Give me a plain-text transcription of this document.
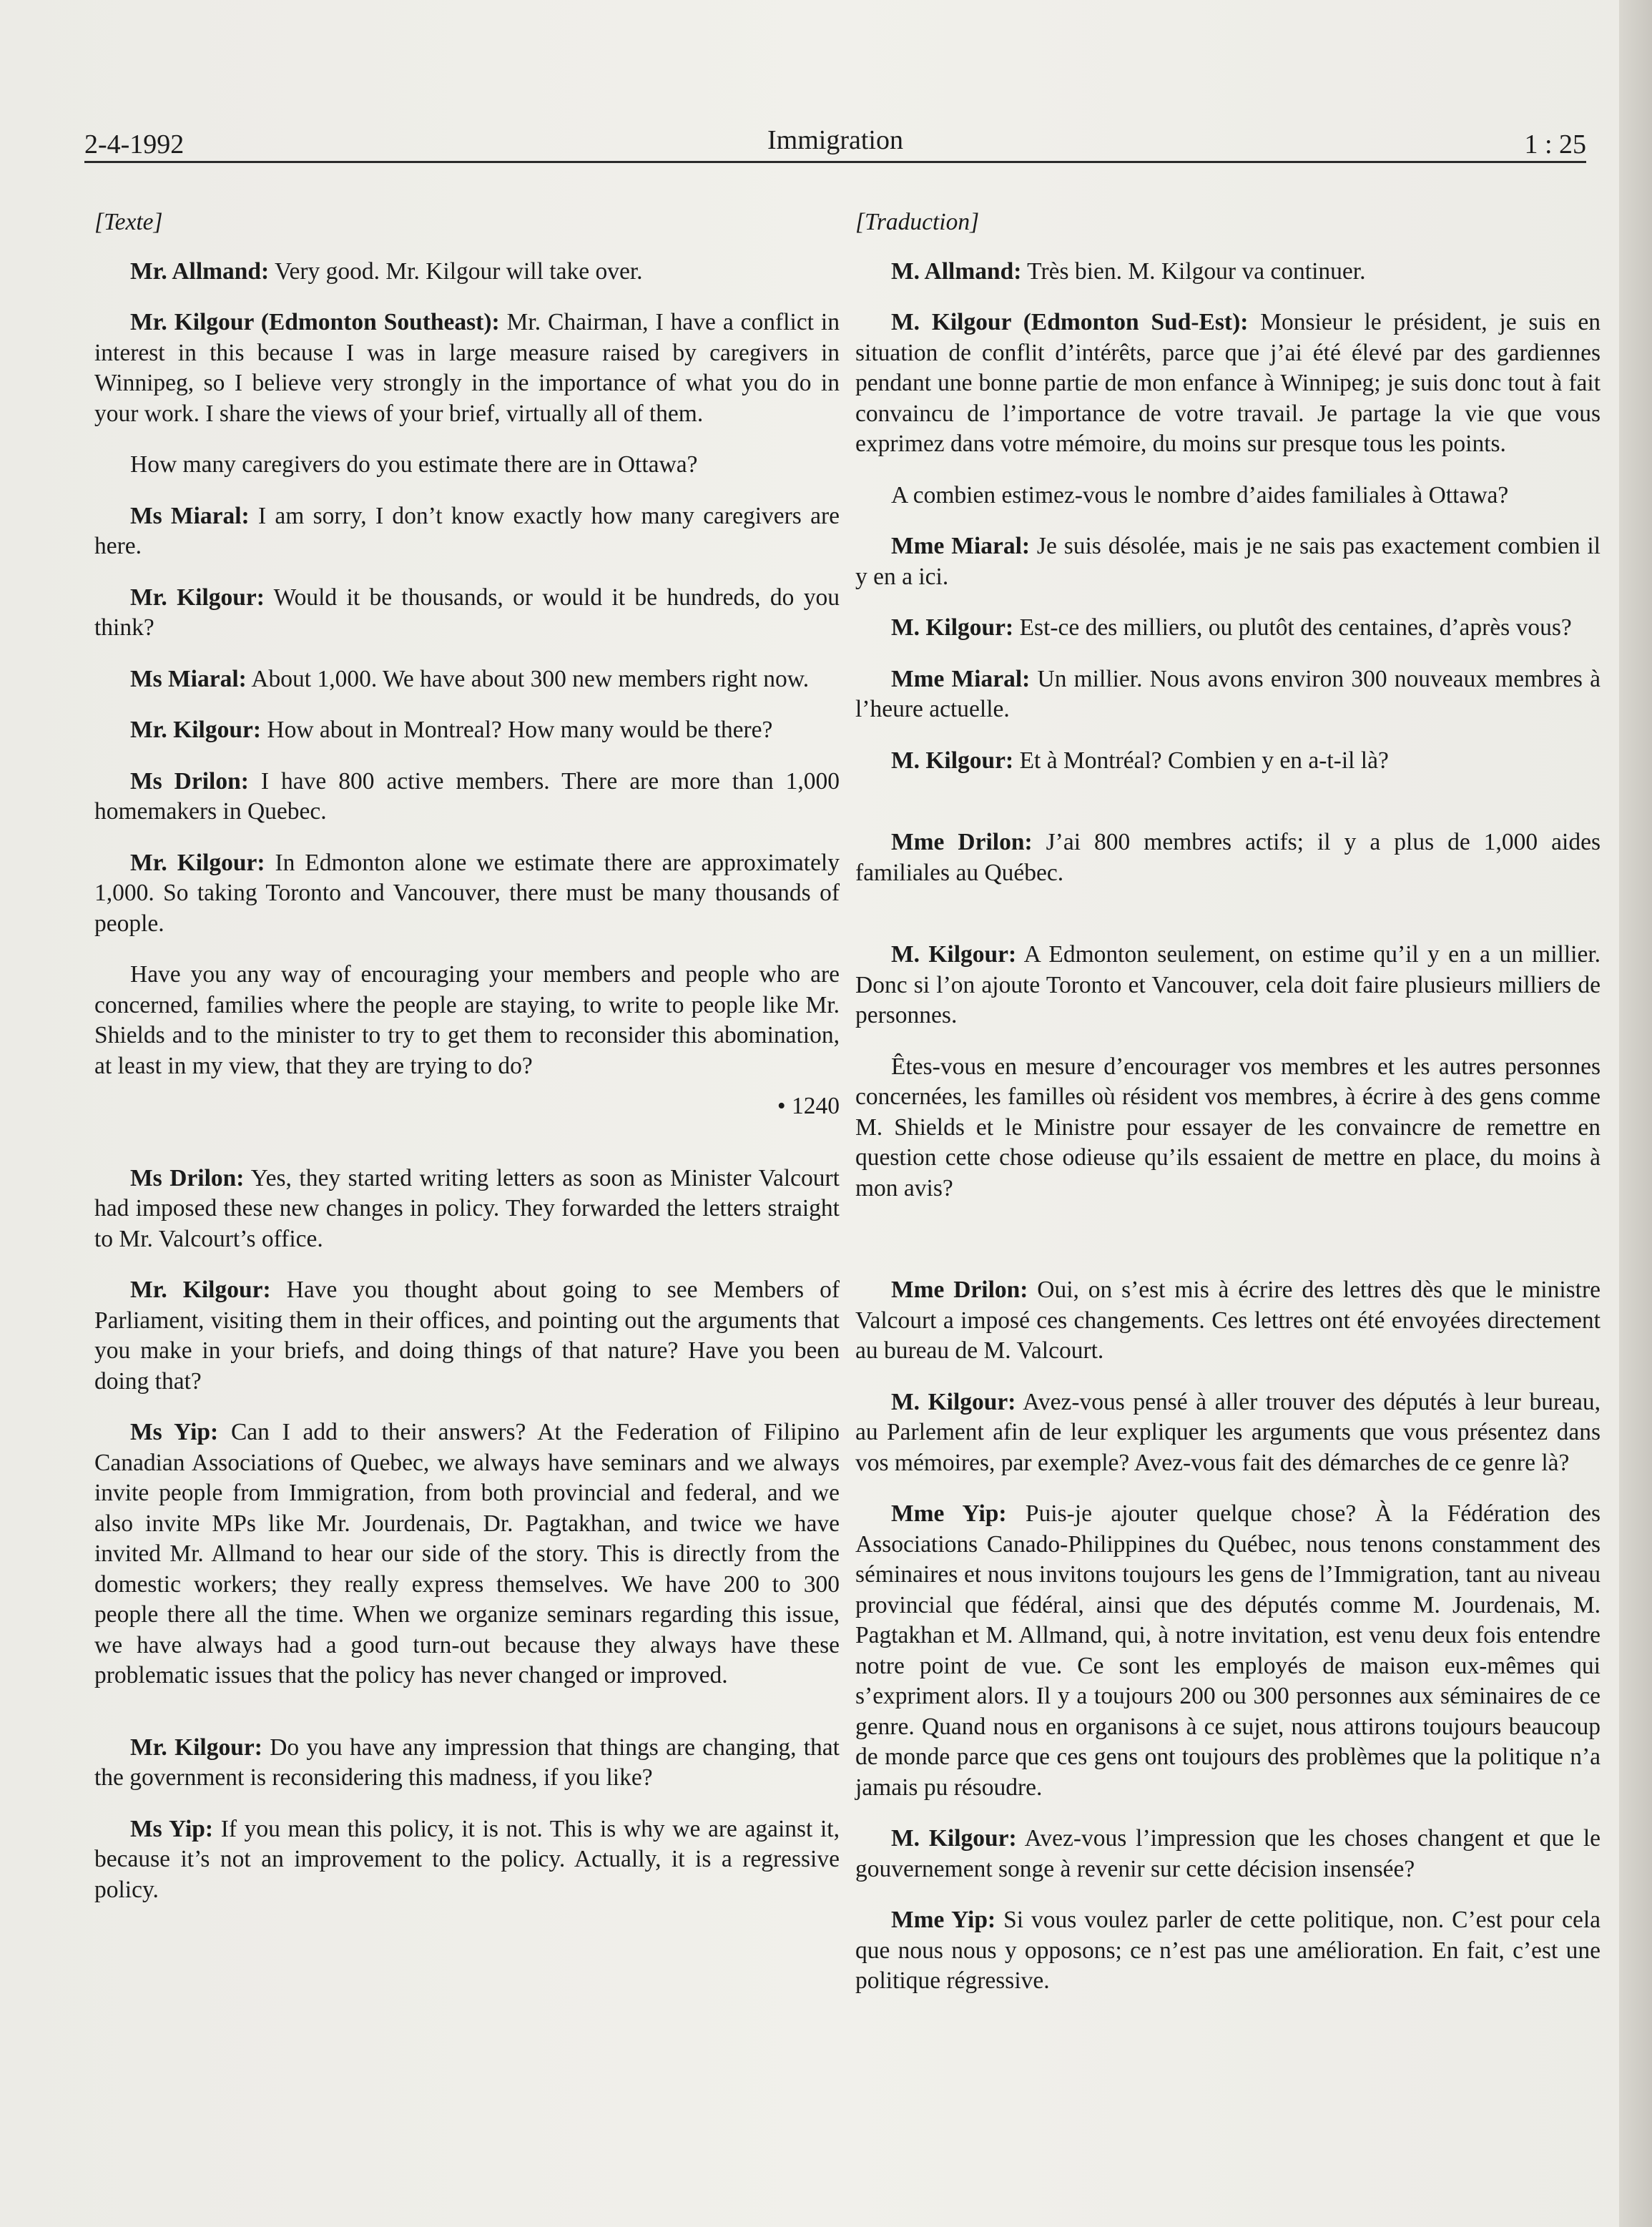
2-4-1992	Immigration	1 : 25
[Texte]

Mr. Allmand: Very good. Mr. Kilgour will take over.

Mr. Kilgour (Edmonton Southeast): Mr. Chairman, I have a conflict in interest in this because I was in large measure raised by caregivers in Winnipeg, so I believe very strongly in the importance of what you do in your work. I share the views of your brief, virtually all of them.

How many caregivers do you estimate there are in Ottawa?

Ms Miaral: I am sorry, I don’t know exactly how many caregivers are here.

Mr. Kilgour: Would it be thousands, or would it be hundreds, do you think?

Ms Miaral: About 1,000. We have about 300 new members right now.

Mr. Kilgour: How about in Montreal? How many would be there?

Ms Drilon: I have 800 active members. There are more than 1,000 homemakers in Quebec.

Mr. Kilgour: In Edmonton alone we estimate there are approximately 1,000. So taking Toronto and Vancouver, there must be many thousands of people.

Have you any way of encouraging your members and people who are concerned, families where the people are staying, to write to people like Mr. Shields and to the minister to try to get them to reconsider this abomination, at least in my view, that they are trying to do?

• 1240

Ms Drilon: Yes, they started writing letters as soon as Minister Valcourt had imposed these new changes in policy. They forwarded the letters straight to Mr. Valcourt’s office.

Mr. Kilgour: Have you thought about going to see Members of Parliament, visiting them in their offices, and pointing out the arguments that you make in your briefs, and doing things of that nature? Have you been doing that?

Ms Yip: Can I add to their answers? At the Federation of Filipino Canadian Associations of Quebec, we always have seminars and we always invite people from Immigration, from both provincial and federal, and we also invite MPs like Mr. Jourdenais, Dr. Pagtakhan, and twice we have invited Mr. Allmand to hear our side of the story. This is directly from the domestic workers; they really express themselves. We have 200 to 300 people there all the time. When we organize seminars regarding this issue, we have always had a good turn-out because they always have these problematic issues that the policy has never changed or improved.

Mr. Kilgour: Do you have any impression that things are changing, that the government is reconsidering this madness, if you like?

Ms Yip: If you mean this policy, it is not. This is why we are against it, because it’s not an improvement to the policy. Actually, it is a regressive policy.

[Traduction]

M. Allmand: Très bien. M. Kilgour va continuer.

M. Kilgour (Edmonton Sud-Est): Monsieur le président, je suis en situation de conflit d’intérêts, parce que j’ai été élevé par des gardiennes pendant une bonne partie de mon enfance à Winnipeg; je suis donc tout à fait convaincu de l’importance de votre travail. Je partage la vie que vous exprimez dans votre mémoire, du moins sur presque tous les points.

A combien estimez-vous le nombre d’aides familiales à Ottawa?

Mme Miaral: Je suis désolée, mais je ne sais pas exactement combien il y en a ici.

M. Kilgour: Est-ce des milliers, ou plutôt des centaines, d’après vous?

Mme Miaral: Un millier. Nous avons environ 300 nouveaux membres à l’heure actuelle.

M. Kilgour: Et à Montréal? Combien y en a-t-il là?

Mme Drilon: J’ai 800 membres actifs; il y a plus de 1,000 aides familiales au Québec.

M. Kilgour: A Edmonton seulement, on estime qu’il y en a un millier. Donc si l’on ajoute Toronto et Vancouver, cela doit faire plusieurs milliers de personnes.

Êtes-vous en mesure d’encourager vos membres et les autres personnes concernées, les familles où résident vos membres, à écrire à des gens comme M. Shields et le Ministre pour essayer de les convaincre de remettre en question cette chose odieuse qu’ils essaient de mettre en place, du moins à mon avis?

Mme Drilon: Oui, on s’est mis à écrire des lettres dès que le ministre Valcourt a imposé ces changements. Ces lettres ont été envoyées directement au bureau de M. Valcourt.

M. Kilgour: Avez-vous pensé à aller trouver des députés à leur bureau, au Parlement afin de leur expliquer les arguments que vous présentez dans vos mémoires, par exemple? Avez-vous fait des démarches de ce genre là?

Mme Yip: Puis-je ajouter quelque chose? À la Fédération des Associations Canado-Philippines du Québec, nous tenons constamment des séminaires et nous invitons toujours les gens de l’Immigration, tant au niveau provincial que fédéral, ainsi que des députés comme M. Jourdenais, M. Pagtakhan et M. Allmand, qui, à notre invitation, est venu deux fois entendre notre point de vue. Ce sont les employés de maison eux-mêmes qui s’expriment alors. Il y a toujours 200 ou 300 personnes aux séminaires de ce genre. Quand nous en organisons à ce sujet, nous attirons toujours beaucoup de monde parce que ces gens ont toujours des problèmes que la politique n’a jamais pu résoudre.

M. Kilgour: Avez-vous l’impression que les choses changent et que le gouvernement songe à revenir sur cette décision insensée?

Mme Yip: Si vous voulez parler de cette politique, non. C’est pour cela que nous nous y opposons; ce n’est pas une amélioration. En fait, c’est une politique régressive.
